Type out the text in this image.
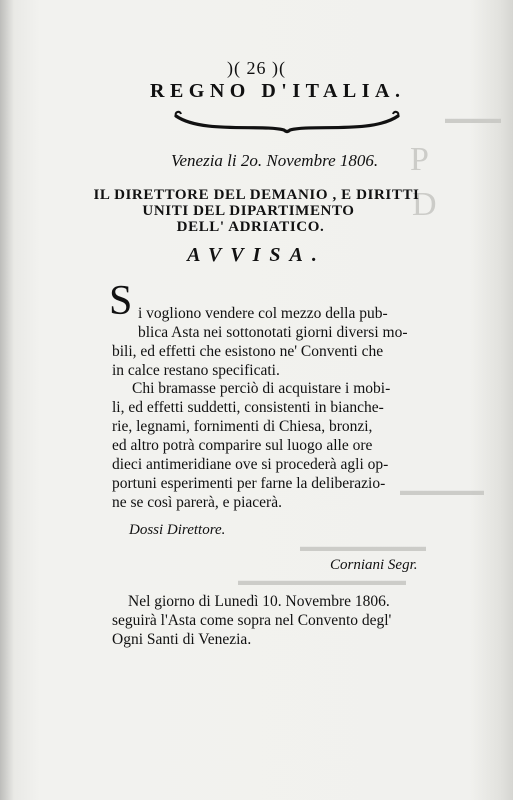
▬▬▬▬
P
D
▬▬▬▬▬▬
▬▬▬▬▬▬▬▬▬
▬▬▬▬▬▬▬▬▬▬▬▬
)( 26 )(
REGNO D'ITALIA.
Venezia li 2o. Novembre 1806.
IL DIRETTORE DEL DEMANIO , E DIRITTI
UNITI DEL DIPARTIMENTO
DELL' ADRIATICO.
AVVISA.
S i vogliono vendere col mezzo della pub-
blica Asta nei sottonotati giorni diversi mo-
bili, ed effetti che esistono ne' Conventi che
in calce restano specificati.
Chi bramasse perciò di acquistare i mobi-
li, ed effetti suddetti, consistenti in bianche-
rie, legnami, fornimenti di Chiesa, bronzi,
ed altro potrà comparire sul luogo alle ore
dieci antimeridiane ove si procederà agli op-
portuni esperimenti per farne la deliberazio-
ne se così parerà, e piacerà.
Dossi Direttore.
Corniani Segr.
Nel giorno di Lunedì 10. Novembre 1806.
seguirà l'Asta come sopra nel Convento degl'
Ogni Santi di Venezia.
